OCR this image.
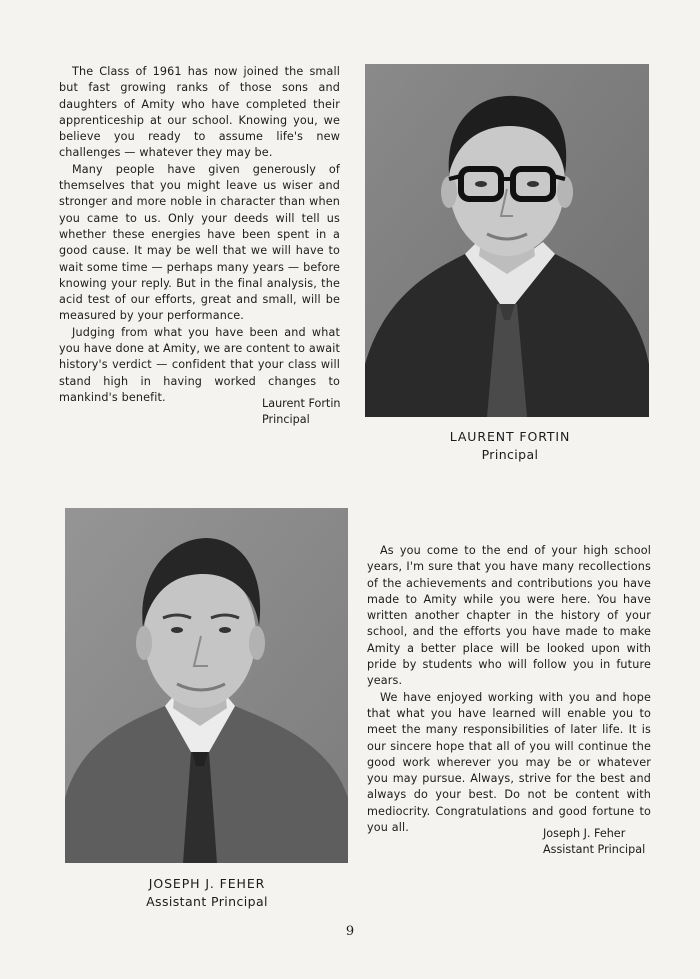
The Class of 1961 has now joined the small but fast growing ranks of those sons and daughters of Amity who have completed their apprenticeship at our school. Knowing you, we believe you ready to assume life's new challenges — whatever they may be.

Many people have given generously of themselves that you might leave us wiser and stronger and more noble in character than when you came to us. Only your deeds will tell us whether these energies have been spent in a good cause. It may be well that we will have to wait some time — perhaps many years — before knowing your reply. But in the final analysis, the acid test of our efforts, great and small, will be measured by your performance.

Judging from what you have been and what you have done at Amity, we are content to await history's verdict — confident that your class will stand high in having worked changes to mankind's benefit.	Laurent Fortin
Principal
LAURENT FORTIN
Principal
JOSEPH J. FEHER
Assistant Principal

As you come to the end of your high school years, I'm sure that you have many recollections of the achievements and contributions you have made to Amity while you were here. You have written another chapter in the history of your school, and the efforts you have made to make Amity a better place will be looked upon with pride by students who will follow you in future years.

We have enjoyed working with you and hope that what you have learned will enable you to meet the many responsibilities of later life. It is our sincere hope that all of you will continue the good work wherever you may be or whatever you may pursue. Always, strive for the best and always do your best. Do not be content with mediocrity. Congratulations and good fortune to you all.	Joseph J. Feher
Assistant Principal
9
